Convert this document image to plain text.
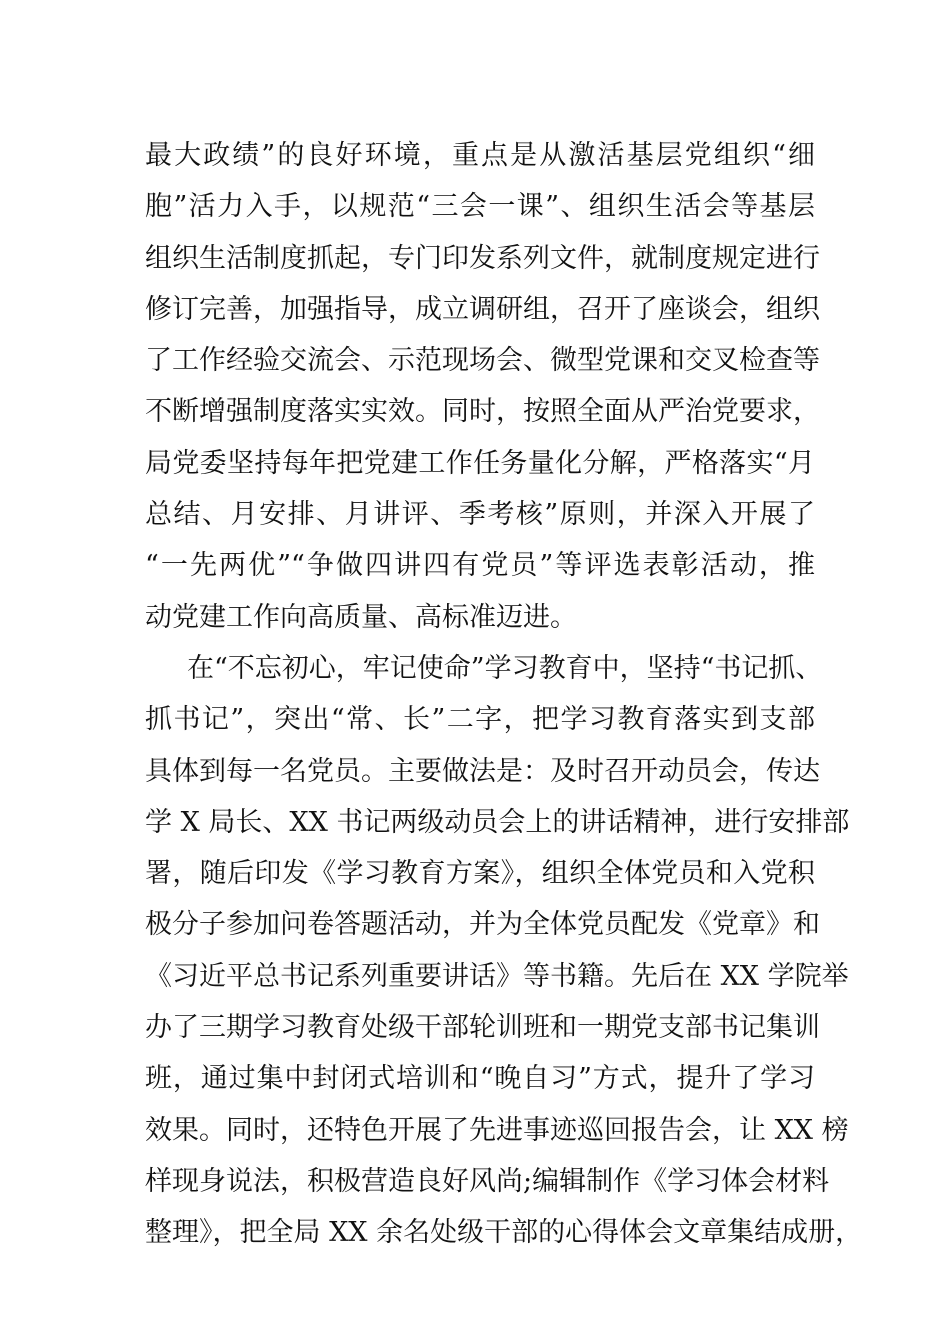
最大政绩”的良好环境，重点是从激活基层党组织“细
胞”活力入手，以规范“三会一课”、组织生活会等基层
组织生活制度抓起，专门印发系列文件，就制度规定进行
修订完善，加强指导，成立调研组，召开了座谈会，组织
了工作经验交流会、示范现场会、微型党课和交叉检查等
不断增强制度落实实效。同时，按照全面从严治党要求，
局党委坚持每年把党建工作任务量化分解，严格落实“月
总结、月安排、月讲评、季考核”原则，并深入开展了
“一先两优”“争做四讲四有党员”等评选表彰活动，推
动党建工作向高质量、高标准迈进。
在“不忘初心，牢记使命”学习教育中，坚持“书记抓、
抓书记”，突出“常、长”二字，把学习教育落实到支部
具体到每一名党员。主要做法是：及时召开动员会，传达
学 X 局长、XX 书记两级动员会上的讲话精神，进行安排部
署，随后印发《学习教育方案》，组织全体党员和入党积
极分子参加问卷答题活动，并为全体党员配发《党章》和
《习近平总书记系列重要讲话》等书籍。先后在 XX 学院举
办了三期学习教育处级干部轮训班和一期党支部书记集训
班，通过集中封闭式培训和“晚自习”方式，提升了学习
效果。同时，还特色开展了先进事迹巡回报告会，让 XX 榜
样现身说法，积极营造良好风尚;编辑制作《学习体会材料
整理》，把全局 XX 余名处级干部的心得体会文章集结成册，
